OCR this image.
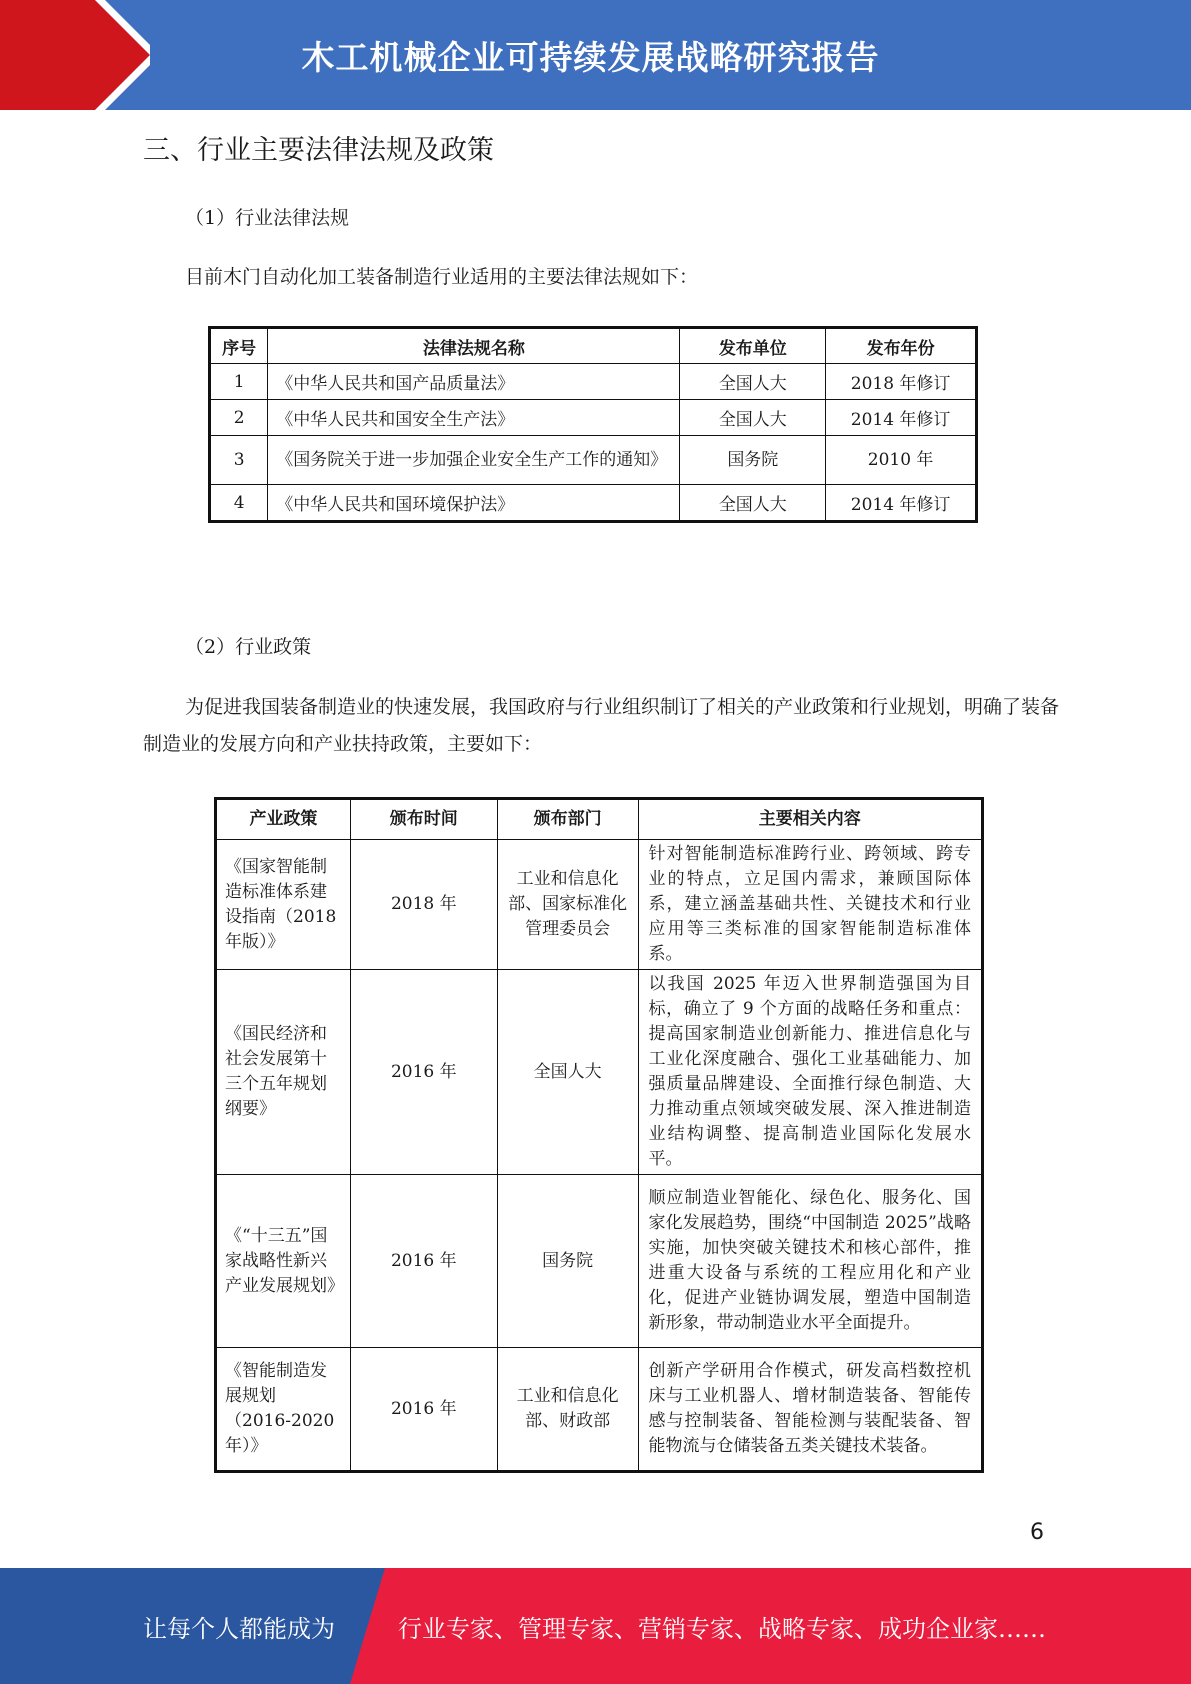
木工机械企业可持续发展战略研究报告
三、行业主要法律法规及政策
（1）行业法律法规
目前木门自动化加工装备制造行业适用的主要法律法规如下：
序号	法律法规名称	发布单位	发布年份
1	《中华人民共和国产品质量法》	全国人大	2018 年修订
2	《中华人民共和国安全生产法》	全国人大	2014 年修订
3	《国务院关于进一步加强企业安全生产工作的通知》	国务院	2010 年
4	《中华人民共和国环境保护法》	全国人大	2014 年修订
（2）行业政策
为促进我国装备制造业的快速发展，我国政府与行业组织制订了相关的产业政策和行业规划，明确了装备制造业的发展方向和产业扶持政策，主要如下：
产业政策	颁布时间	颁布部门	主要相关内容
《国家智能制造标准体系建设指南（2018 年版）》	2018 年	工业和信息化部、国家标准化管理委员会	针对智能制造标准跨行业、跨领域、跨专业的特点，立足国内需求，兼顾国际体系，建立涵盖基础共性、关键技术和行业应用等三类标准的国家智能制造标准体系。
《国民经济和社会发展第十三个五年规划纲要》	2016 年	全国人大	以我国 2025 年迈入世界制造强国为目标，确立了 9 个方面的战略任务和重点：提高国家制造业创新能力、推进信息化与工业化深度融合、强化工业基础能力、加强质量品牌建设、全面推行绿色制造、大力推动重点领域突破发展、深入推进制造业结构调整、提高制造业国际化发展水平。
《“十三五”国家战略性新兴产业发展规划》	2016 年	国务院	顺应制造业智能化、绿色化、服务化、国家化发展趋势，围绕“中国制造 2025”战略实施，加快突破关键技术和核心部件，推进重大设备与系统的工程应用化和产业化，促进产业链协调发展，塑造中国制造新形象，带动制造业水平全面提升。
《智能制造发展规划（2016-2020 年）》	2016 年	工业和信息化部、财政部	创新产学研用合作模式，研发高档数控机床与工业机器人、增材制造装备、智能传感与控制装备、智能检测与装配装备、智能物流与仓储装备五类关键技术装备。
6
让每个人都能成为	行业专家、管理专家、营销专家、战略专家、成功企业家……
